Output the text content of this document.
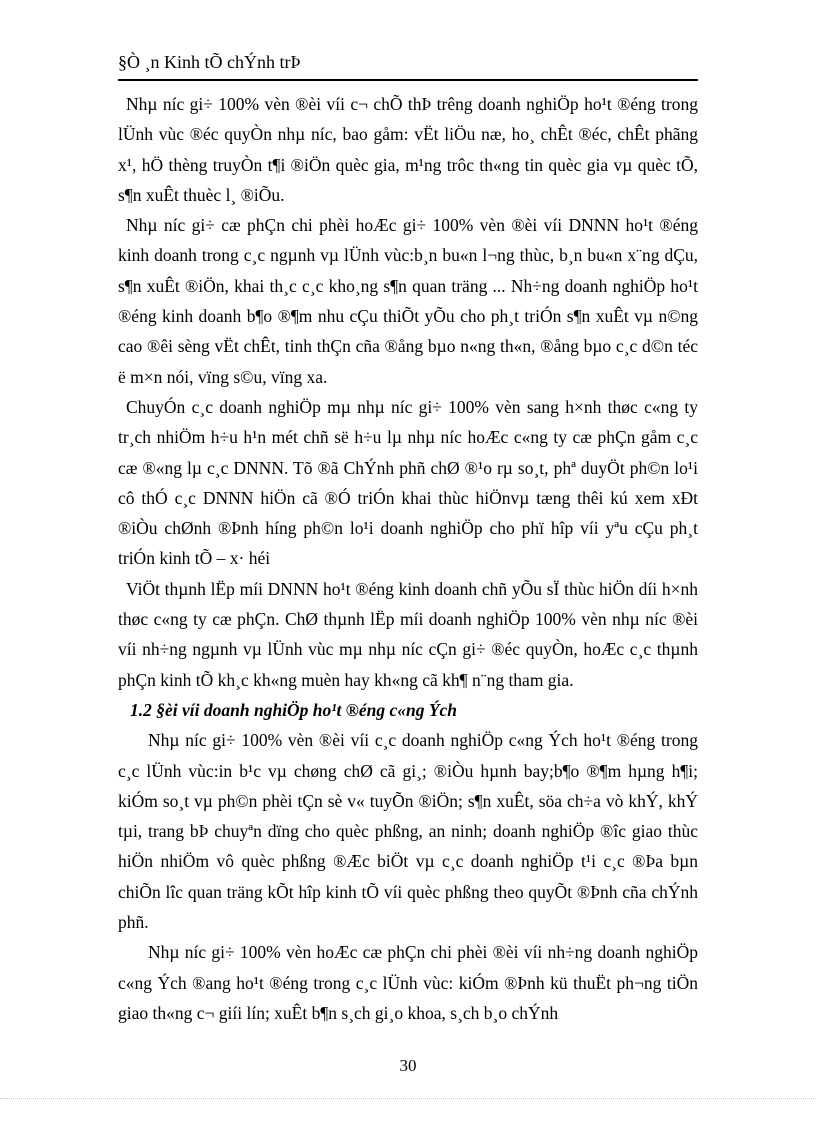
§Ò ¸n Kinh tÕ chÝnh trÞ

Nhµ níc gi÷ 100% vèn ®èi víi c¬ chÕ thÞ trêng doanh nghiÖp ho¹t ®éng trong lÜnh vùc ®éc quyÒn nhµ níc, bao gåm: vËt liÖu næ, ho¸ chÊt ®éc, chÊt phãng x¹, hÖ thèng truyÒn t¶i ®iÖn quèc gia, m¹ng trôc th«ng tin quèc gia vµ quèc tÕ, s¶n xuÊt thuèc l¸ ®iÕu.

Nhµ níc gi÷ cæ phÇn chi phèi hoÆc gi÷ 100% vèn ®èi víi DNNN ho¹t ®éng kinh doanh trong c¸c ngµnh vµ lÜnh vùc:b¸n bu«n l¬ng thùc, b¸n bu«n x¨ng dÇu, s¶n xuÊt ®iÖn, khai th¸c c¸c kho¸ng s¶n quan träng ... Nh÷ng doanh nghiÖp ho¹t ®éng kinh doanh b¶o ®¶m nhu cÇu thiÕt yÕu cho ph¸t triÓn s¶n xuÊt vµ n©ng cao ®êi sèng vËt chÊt, tinh thÇn cña ®ång bµo n«ng th«n, ®ång bµo c¸c d©n téc ë m×n nói, vïng s©u, vïng xa.

ChuyÓn c¸c doanh nghiÖp mµ nhµ níc gi÷ 100% vèn sang h×nh thøc c«ng ty tr¸ch nhiÖm h÷u h¹n mét chñ së h÷u lµ nhµ níc hoÆc c«ng ty cæ phÇn gåm c¸c cæ ®«ng lµ c¸c DNNN. Tõ ®ã ChÝnh phñ chØ ®¹o rµ so¸t, phª duyÖt ph©n lo¹i cô thÓ c¸c DNNN hiÖn cã ®Ó triÓn khai thùc hiÖnvµ tæng thêi kú xem xÐt ®iÒu chØnh ®Þnh híng ph©n lo¹i doanh nghiÖp cho phï hîp víi yªu cÇu ph¸t triÓn kinh tÕ – x· héi

ViÖt thµnh lËp míi DNNN ho¹t ®éng kinh doanh chñ yÕu sÏ thùc hiÖn díi h×nh thøc c«ng ty cæ phÇn. ChØ thµnh lËp míi doanh nghiÖp 100% vèn nhµ níc ®èi víi nh÷ng ngµnh vµ lÜnh vùc mµ nhµ níc cÇn gi÷ ®éc quyÒn, hoÆc c¸c thµnh phÇn kinh tÕ kh¸c kh«ng muèn hay kh«ng cã kh¶ n¨ng tham gia.

1.2 §èi víi doanh nghiÖp ho¹t ®éng c«ng Ých

Nhµ níc gi÷ 100% vèn ®èi víi c¸c doanh nghiÖp c«ng Ých ho¹t ®éng trong c¸c lÜnh vùc:in b¹c vµ chøng chØ cã gi¸; ®iÒu hµnh bay;b¶o ®¶m hµng h¶i; kiÓm so¸t vµ ph©n phèi tÇn sè v« tuyÕn ®iÖn; s¶n xuÊt, söa ch÷a vò khÝ, khÝ tµi, trang bÞ chuyªn dïng cho quèc phßng, an ninh; doanh nghiÖp ®îc giao thùc hiÖn nhiÖm vô quèc phßng ®Æc biÖt vµ c¸c doanh nghiÖp t¹i c¸c ®Þa bµn chiÕn lîc quan träng kÕt hîp kinh tÕ víi quèc phßng theo quyÕt ®Þnh cña chÝnh phñ.

Nhµ níc gi÷ 100% vèn hoÆc cæ phÇn chi phèi ®èi víi nh÷ng doanh nghiÖp c«ng Ých ®ang ho¹t ®éng trong c¸c lÜnh vùc: kiÓm ®Þnh kü thuËt ph¬ng tiÖn giao th«ng c¬ giíi lín; xuÊt b¶n s¸ch gi¸o khoa, s¸ch b¸o chÝnh

30
